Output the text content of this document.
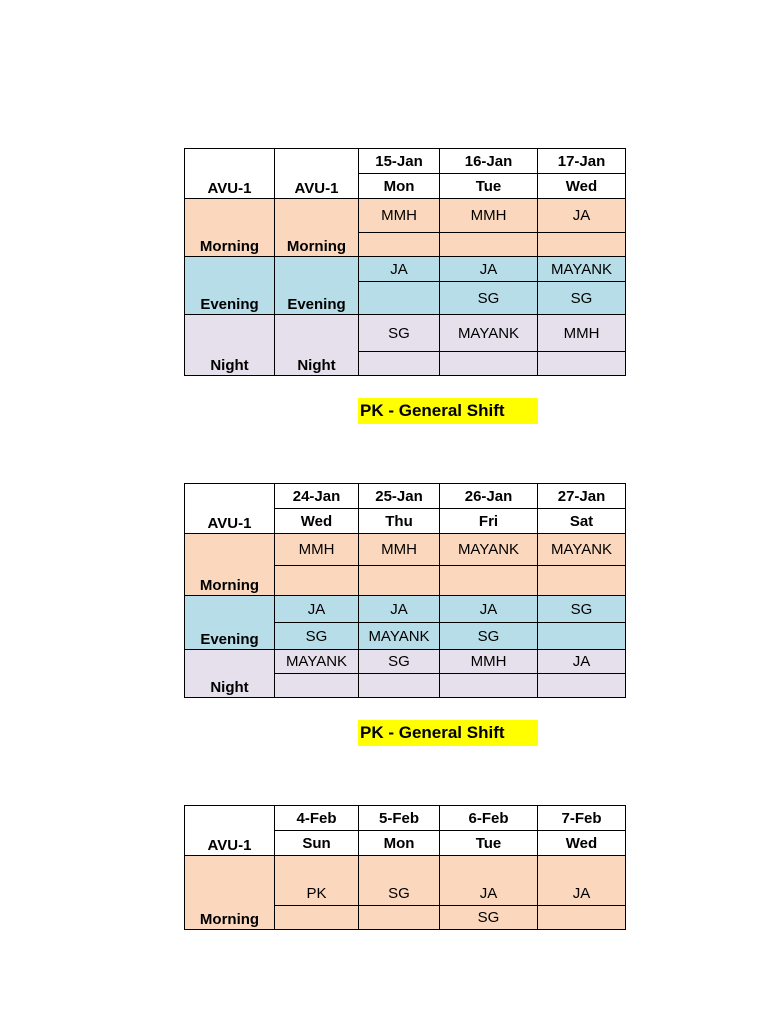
AVU-1	AVU-1	15-Jan	16-Jan	17-Jan
		Mon	Tue	Wed
Morning	Morning	MMH	MMH	JA

Evening	Evening	JA	JA	MAYANK
			SG	SG
Night	Night	SG	MAYANK	MMH

PK - General Shift
AVU-1	24-Jan	25-Jan	26-Jan	27-Jan
	Wed	Thu	Fri	Sat
Morning	MMH	MMH	MAYANK	MAYANK

Evening	JA	JA	JA	SG
	SG	MAYANK	SG	
Night	MAYANK	SG	MMH	JA

PK - General Shift
AVU-1	4-Feb	5-Feb	6-Feb	7-Feb
	Sun	Mon	Tue	Wed
Morning	PK	SG	JA	JA
			SG	
